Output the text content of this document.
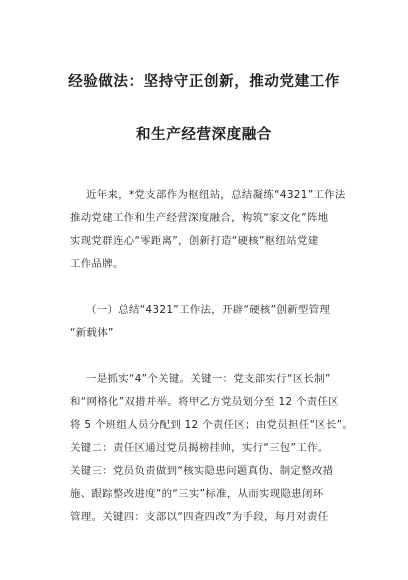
经验做法：坚持守正创新，推动党建工作
和生产经营深度融合
近年来，*党支部作为枢纽站，总结凝练“4321”工作法
推动党建工作和生产经营深度融合，构筑“家文化”阵地
实现党群连心“零距离”，创新打造“硬核”枢纽站党建
工作品牌。
（一）总结“4321”工作法，开辟“硬核”创新型管理
“新载体”
一是抓实“4”个关键。关键一：党支部实行“区长制”
和“网格化”双措并举。将甲乙方党员划分至 12 个责任区
将 5 个班组人员分配到 12 个责任区；由党员担任“区长”。
关键二：责任区通过党员揭榜挂帅，实行“三包”工作。
关键三：党员负责做到“核实隐患问题真伪、制定整改措
施、跟踪整改进度”的“三实”标准，从而实现隐患闭环
管理。关键四：支部以“四查四改”为手段，每月对责任
